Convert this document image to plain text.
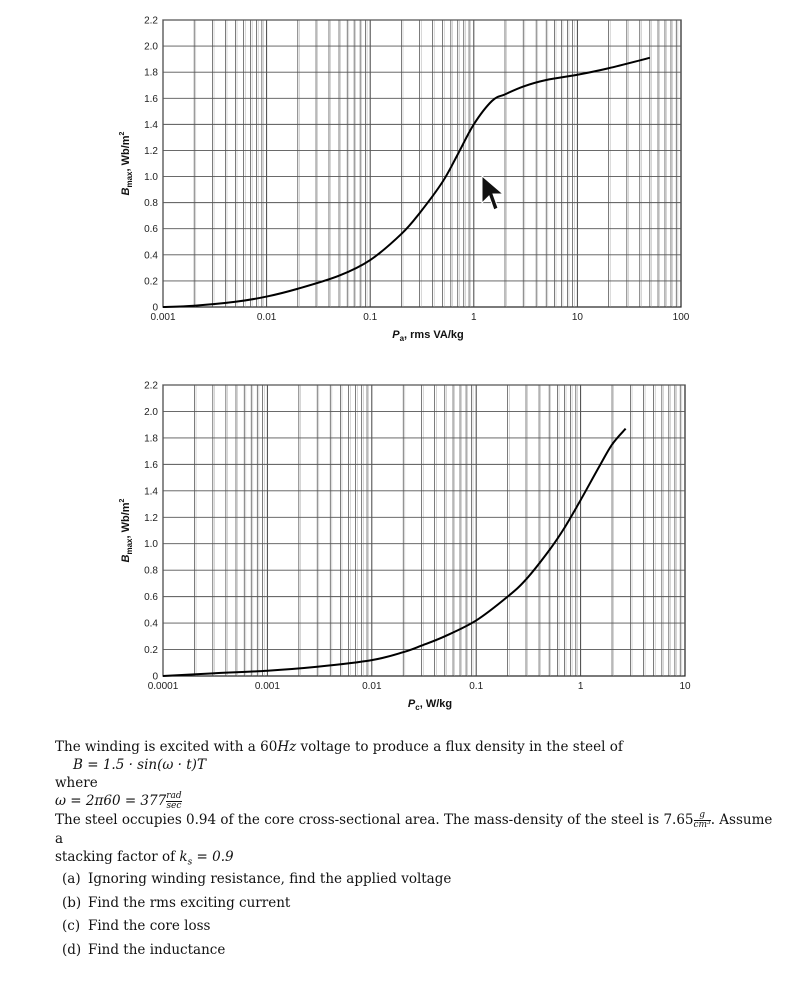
0
0.2
0.4
0.6
0.8
1.0
1.2
1.4
1.6
1.8
2.0
2.2
0.001	0.01	0.1	1	10	100
$P_a$, rms VA/kg
$B_{max}$, $Wb/m^2$
0
0.2
0.4
0.6
0.8
1.0
1.2
1.4
1.6
1.8
2.0
2.2
0.0001	0.001	0.01	0.1	1	10
$P_c$, W/kg
$B_{max}$, $Wb/m^2$

The winding is excited with a 60Hz voltage to produce a flux density in the steel of

B = 1.5 · sin(ω · t)T

where

ω = 2π60 = 377 rad
sec

The steel occupies 0.94 of the core cross-sectional area. The mass-density of the steel is $7.65 \frac{g}{\text{cm³}}$ . Assume a

stacking factor of $k_s = 0.9$

(a) Ignoring winding resistance, find the applied voltage
(b) Find the rms exciting current
(c) Find the core loss
(d) Find the inductance
